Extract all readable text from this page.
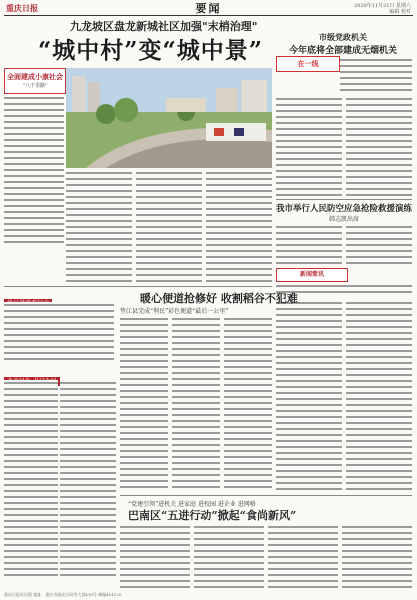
重庆日报	要闻	2020年11月21日 星期六
编辑 校对
九龙坡区盘龙新城社区加强"末梢治理"
“城中村”变“城中景”
全面建成小康社会
“八千里路”
市级党政机关
今年底将全部建成无烟机关
在一线
我市举行人民防空应急抢险救援演练
韩志凯出席
新闻简讯
暖心便道抢修好 收割稻谷不犯难
垫江县完成“利民”彩色便道“最后一公里”
“党建引领”进机关 进家庭 进校园 进企业 进网格
巴南区“五进行动”掀起“食尚新风”
重庆日报社出版 地址：重庆市渝北区同茂大道416号 邮编401120
